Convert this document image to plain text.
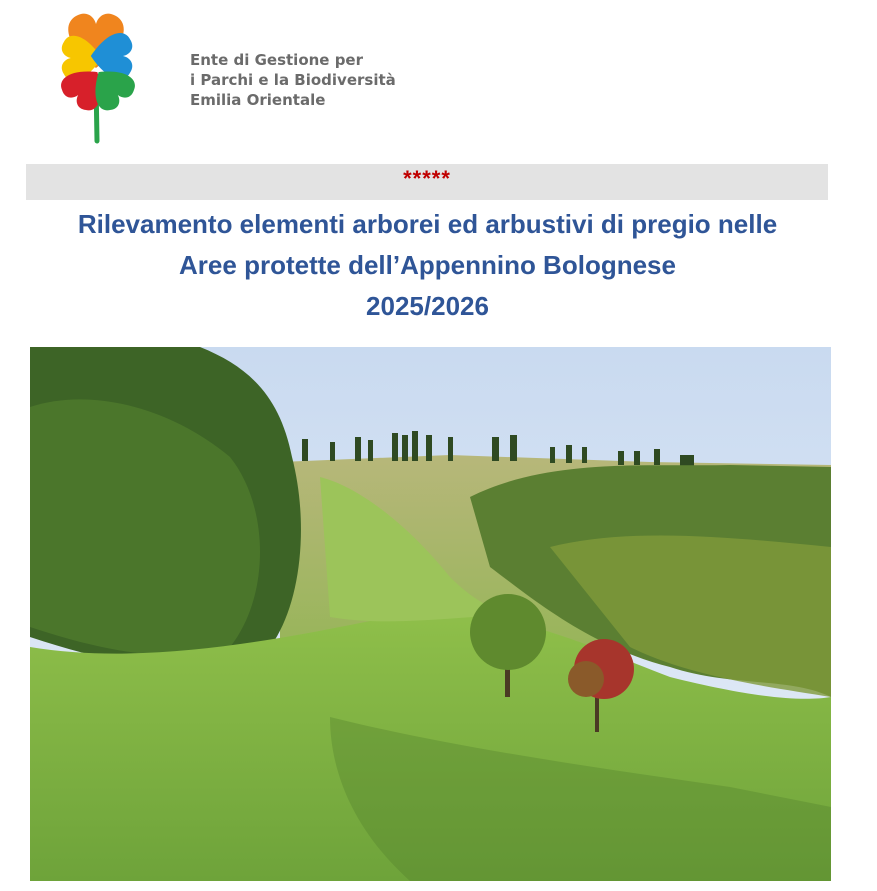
Ente di Gestione per
i Parchi e la Biodiversità
Emilia Orientale
*****
Rilevamento elementi arborei ed arbustivi di pregio nelle
Aree protette dell’Appennino Bolognese
2025/2026
